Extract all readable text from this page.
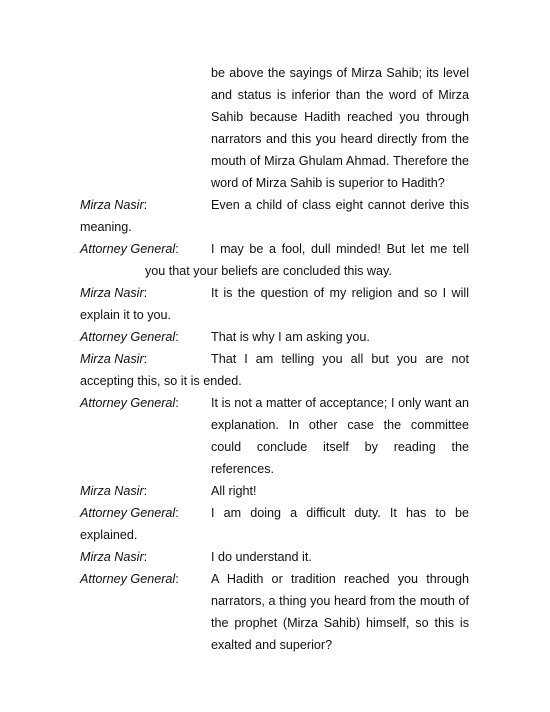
be above the sayings of Mirza Sahib; its level
and status is inferior than the word of Mirza
Sahib because Hadith reached you through
narrators and this you heard directly from the
mouth of Mirza Ghulam Ahmad. Therefore the
word of Mirza Sahib is superior to Hadith?
Mirza Nasir:	Even a child of class eight cannot derive this
meaning.
Attorney General:	I may be a fool, dull minded! But let me tell
you that your beliefs are concluded this way.
Mirza Nasir:	It is the question of my religion and so I will
explain it to you.
Attorney General:	That is why I am asking you.
Mirza Nasir:	That I am telling you all but you are not
accepting this, so it is ended.
Attorney General:	It is not a matter of acceptance; I only want an
explanation. In other case the committee
could conclude itself by reading the
references.
Mirza Nasir:	All right!
Attorney General:	I am doing a difficult duty. It has to be
explained.
Mirza Nasir:	I do understand it.
Attorney General:	A Hadith or tradition reached you through
narrators, a thing you heard from the mouth of
the prophet (Mirza Sahib) himself, so this is
exalted and superior?
